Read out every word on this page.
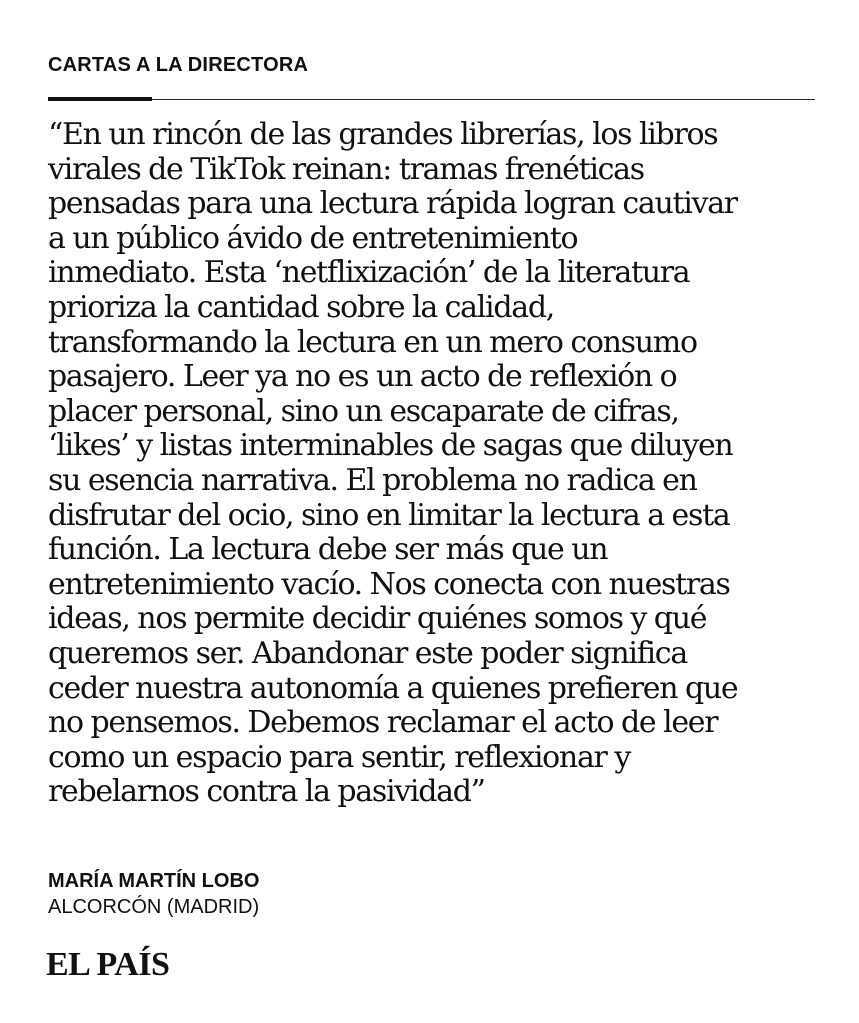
CARTAS A LA DIRECTORA

“En un rincón de las grandes librerías, los libros
virales de TikTok reinan: tramas frenéticas
pensadas para una lectura rápida logran cautivar
a un público ávido de entretenimiento
inmediato. Esta ‘netflixización’ de la literatura
prioriza la cantidad sobre la calidad,
transformando la lectura en un mero consumo
pasajero. Leer ya no es un acto de reflexión o
placer personal, sino un escaparate de cifras,
‘likes’ y listas interminables de sagas que diluyen
su esencia narrativa. El problema no radica en
disfrutar del ocio, sino en limitar la lectura a esta
función. La lectura debe ser más que un
entretenimiento vacío. Nos conecta con nuestras
ideas, nos permite decidir quiénes somos y qué
queremos ser. Abandonar este poder significa
ceder nuestra autonomía a quienes prefieren que
no pensemos. Debemos reclamar el acto de leer
como un espacio para sentir, reflexionar y
rebelarnos contra la pasividad”

MARÍA MARTÍN LOBO
ALCORCÓN (MADRID)
EL PAÍS
